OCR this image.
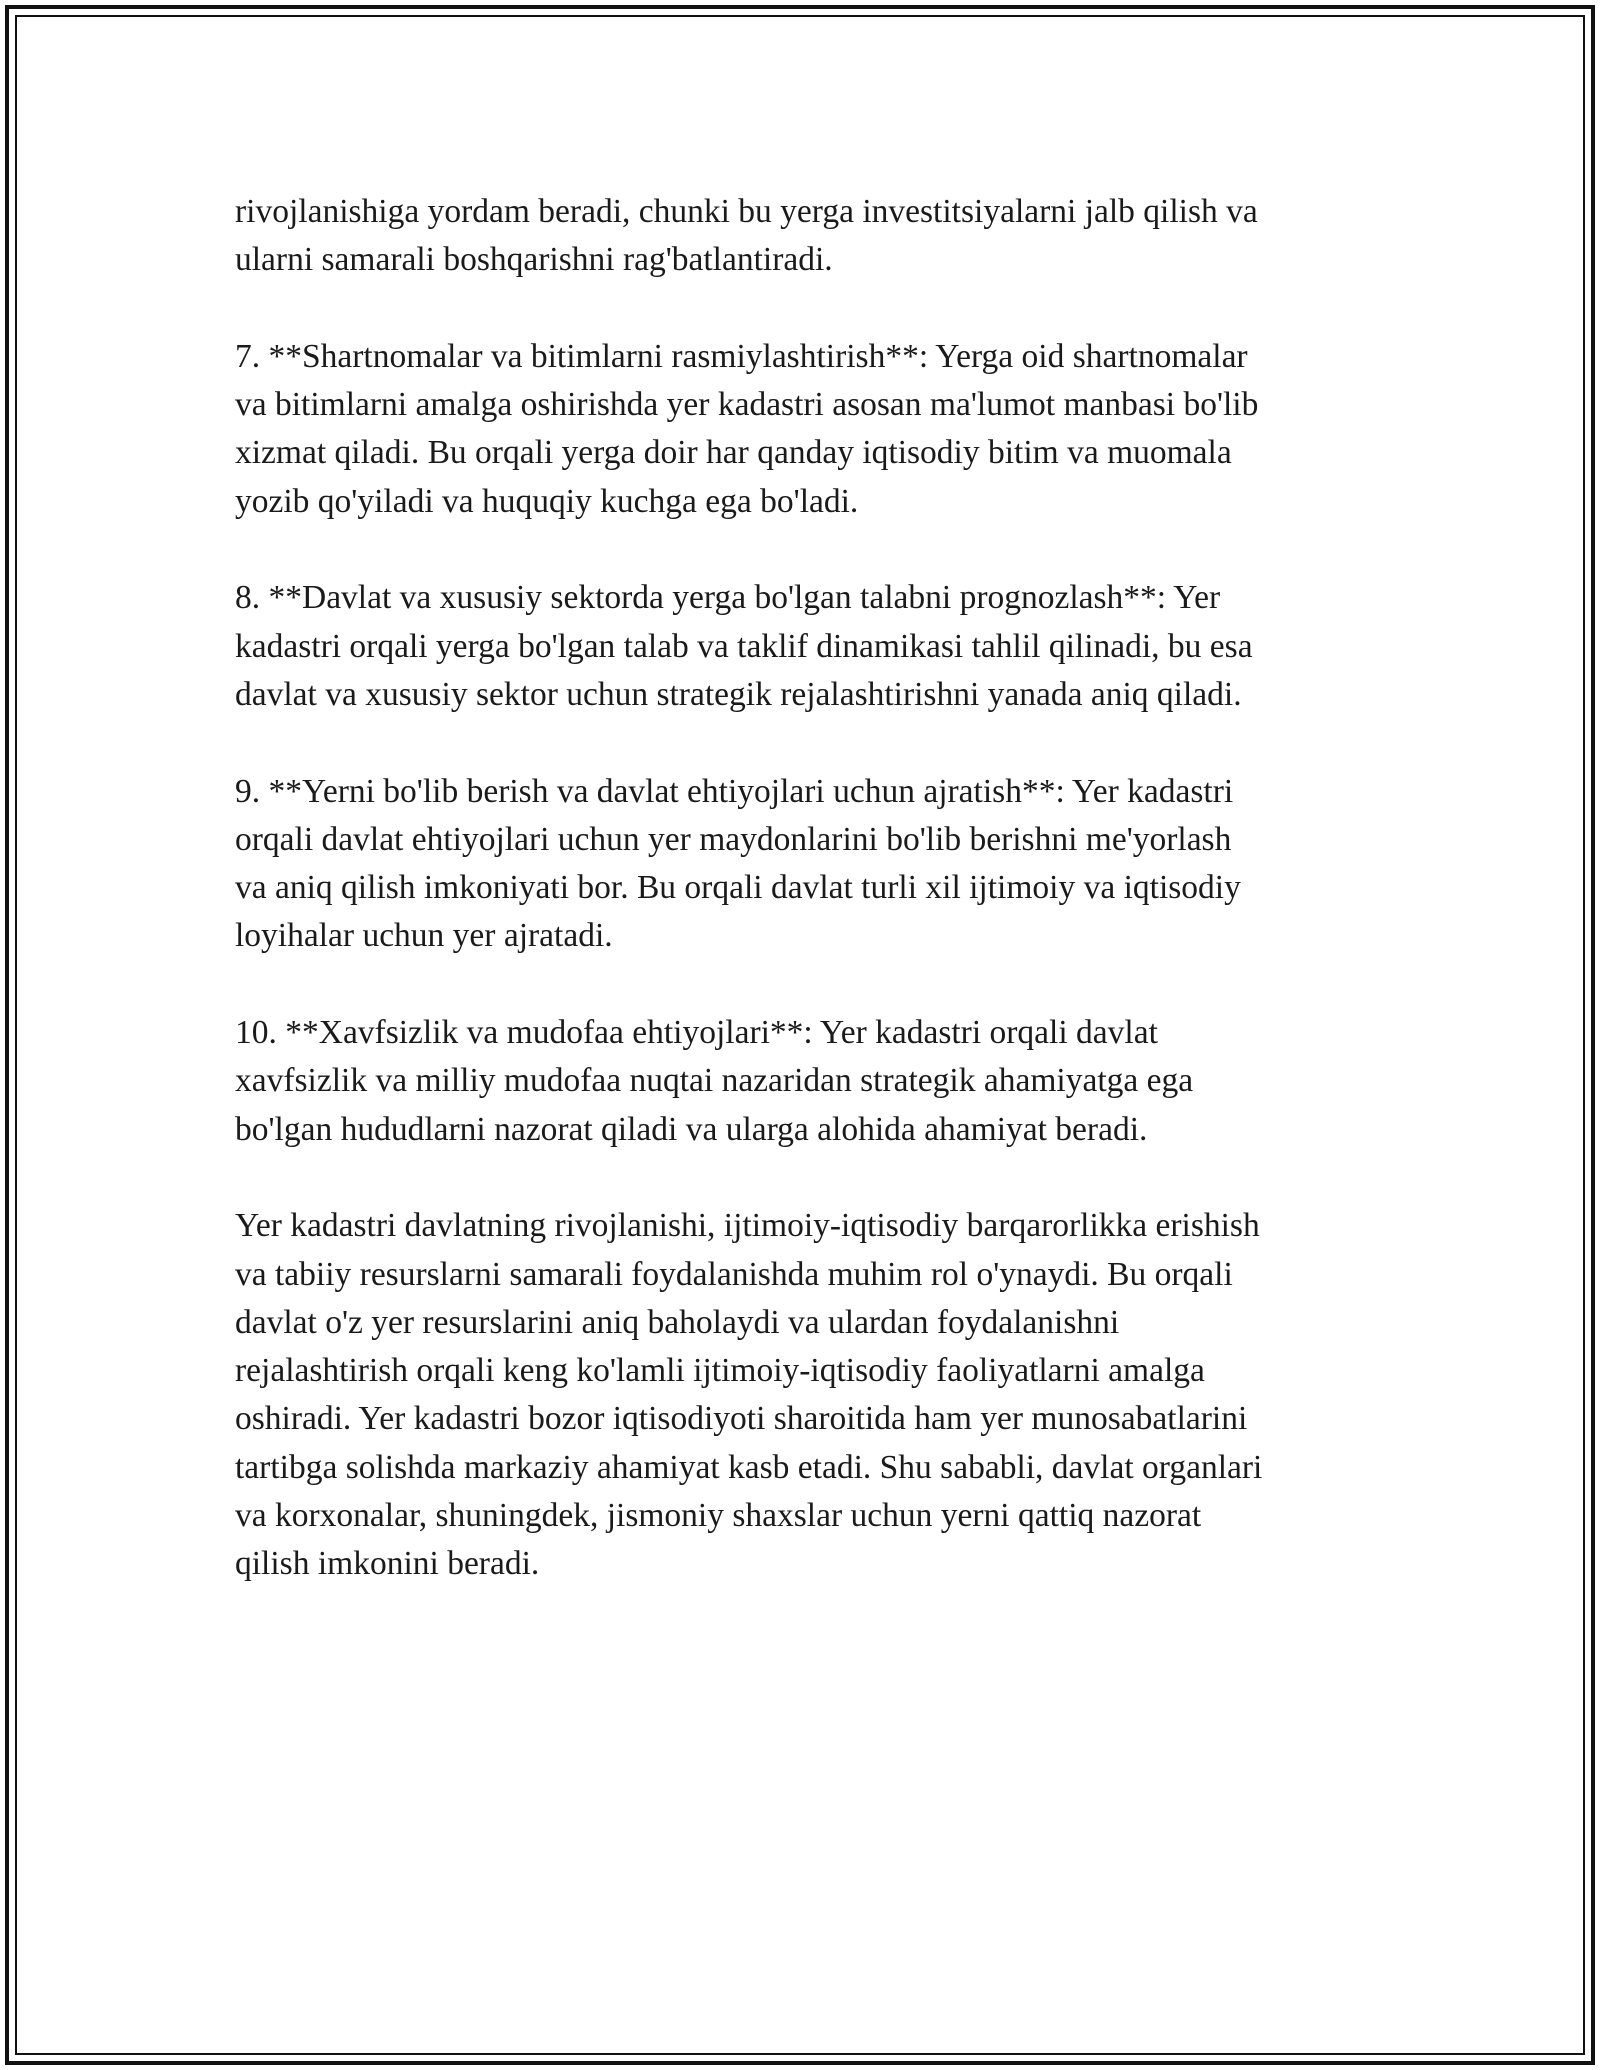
rivojlanishiga yordam beradi, chunki bu yerga investitsiyalarni jalb qilish va
ularni samarali boshqarishni rag'batlantiradi.

7. **Shartnomalar va bitimlarni rasmiylashtirish**: Yerga oid shartnomalar
va bitimlarni amalga oshirishda yer kadastri asosan ma'lumot manbasi bo'lib
xizmat qiladi. Bu orqali yerga doir har qanday iqtisodiy bitim va muomala
yozib qo'yiladi va huquqiy kuchga ega bo'ladi.

8. **Davlat va xususiy sektorda yerga bo'lgan talabni prognozlash**: Yer
kadastri orqali yerga bo'lgan talab va taklif dinamikasi tahlil qilinadi, bu esa
davlat va xususiy sektor uchun strategik rejalashtirishni yanada aniq qiladi.

9. **Yerni bo'lib berish va davlat ehtiyojlari uchun ajratish**: Yer kadastri
orqali davlat ehtiyojlari uchun yer maydonlarini bo'lib berishni me'yorlash
va aniq qilish imkoniyati bor. Bu orqali davlat turli xil ijtimoiy va iqtisodiy
loyihalar uchun yer ajratadi.

10. **Xavfsizlik va mudofaa ehtiyojlari**: Yer kadastri orqali davlat
xavfsizlik va milliy mudofaa nuqtai nazaridan strategik ahamiyatga ega
bo'lgan hududlarni nazorat qiladi va ularga alohida ahamiyat beradi.

Yer kadastri davlatning rivojlanishi, ijtimoiy-iqtisodiy barqarorlikka erishish
va tabiiy resurslarni samarali foydalanishda muhim rol o'ynaydi. Bu orqali
davlat o'z yer resurslarini aniq baholaydi va ulardan foydalanishni
rejalashtirish orqali keng ko'lamli ijtimoiy-iqtisodiy faoliyatlarni amalga
oshiradi. Yer kadastri bozor iqtisodiyoti sharoitida ham yer munosabatlarini
tartibga solishda markaziy ahamiyat kasb etadi. Shu sababli, davlat organlari
va korxonalar, shuningdek, jismoniy shaxslar uchun yerni qattiq nazorat
qilish imkonini beradi.
